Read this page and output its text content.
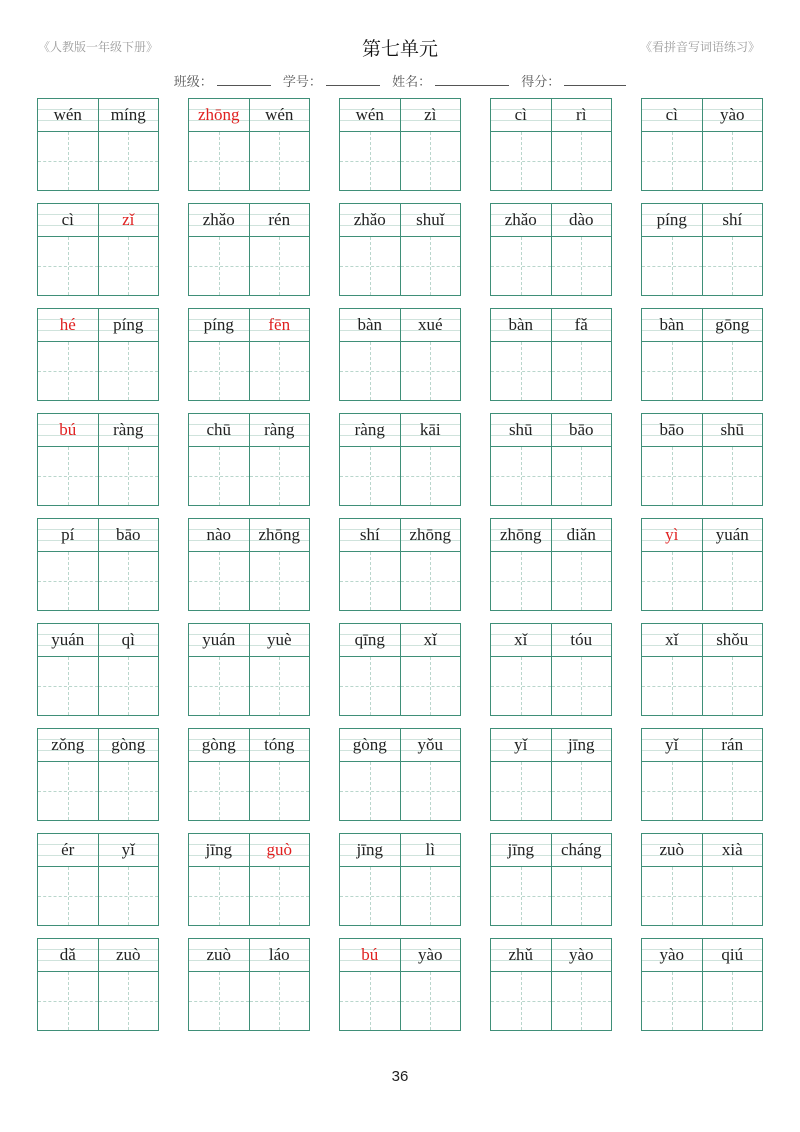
《人教版一年级下册》	第七单元	《看拼音写词语练习》
班级：	学号：	姓名：	得分：
wén	míng	zhōng	wén	wén	zì	cì	rì	cì	yào
cì	zǐ	zhǎo	rén	zhǎo	shuǐ	zhǎo	dào	píng	shí
hé	píng	píng	fēn	bàn	xué	bàn	fǎ	bàn	gōng
bú	ràng	chū	ràng	ràng	kāi	shū	bāo	bāo	shū
pí	bāo	nào	zhōng	shí	zhōng	zhōng	diǎn	yì	yuán
yuán	qì	yuán	yuè	qīng	xǐ	xǐ	tóu	xǐ	shǒu
zǒng	gòng	gòng	tóng	gòng	yǒu	yǐ	jīng	yǐ	rán
ér	yǐ	jīng	guò	jīng	lì	jīng	cháng	zuò	xià
dǎ	zuò	zuò	láo	bú	yào	zhǔ	yào	yào	qiú
36
